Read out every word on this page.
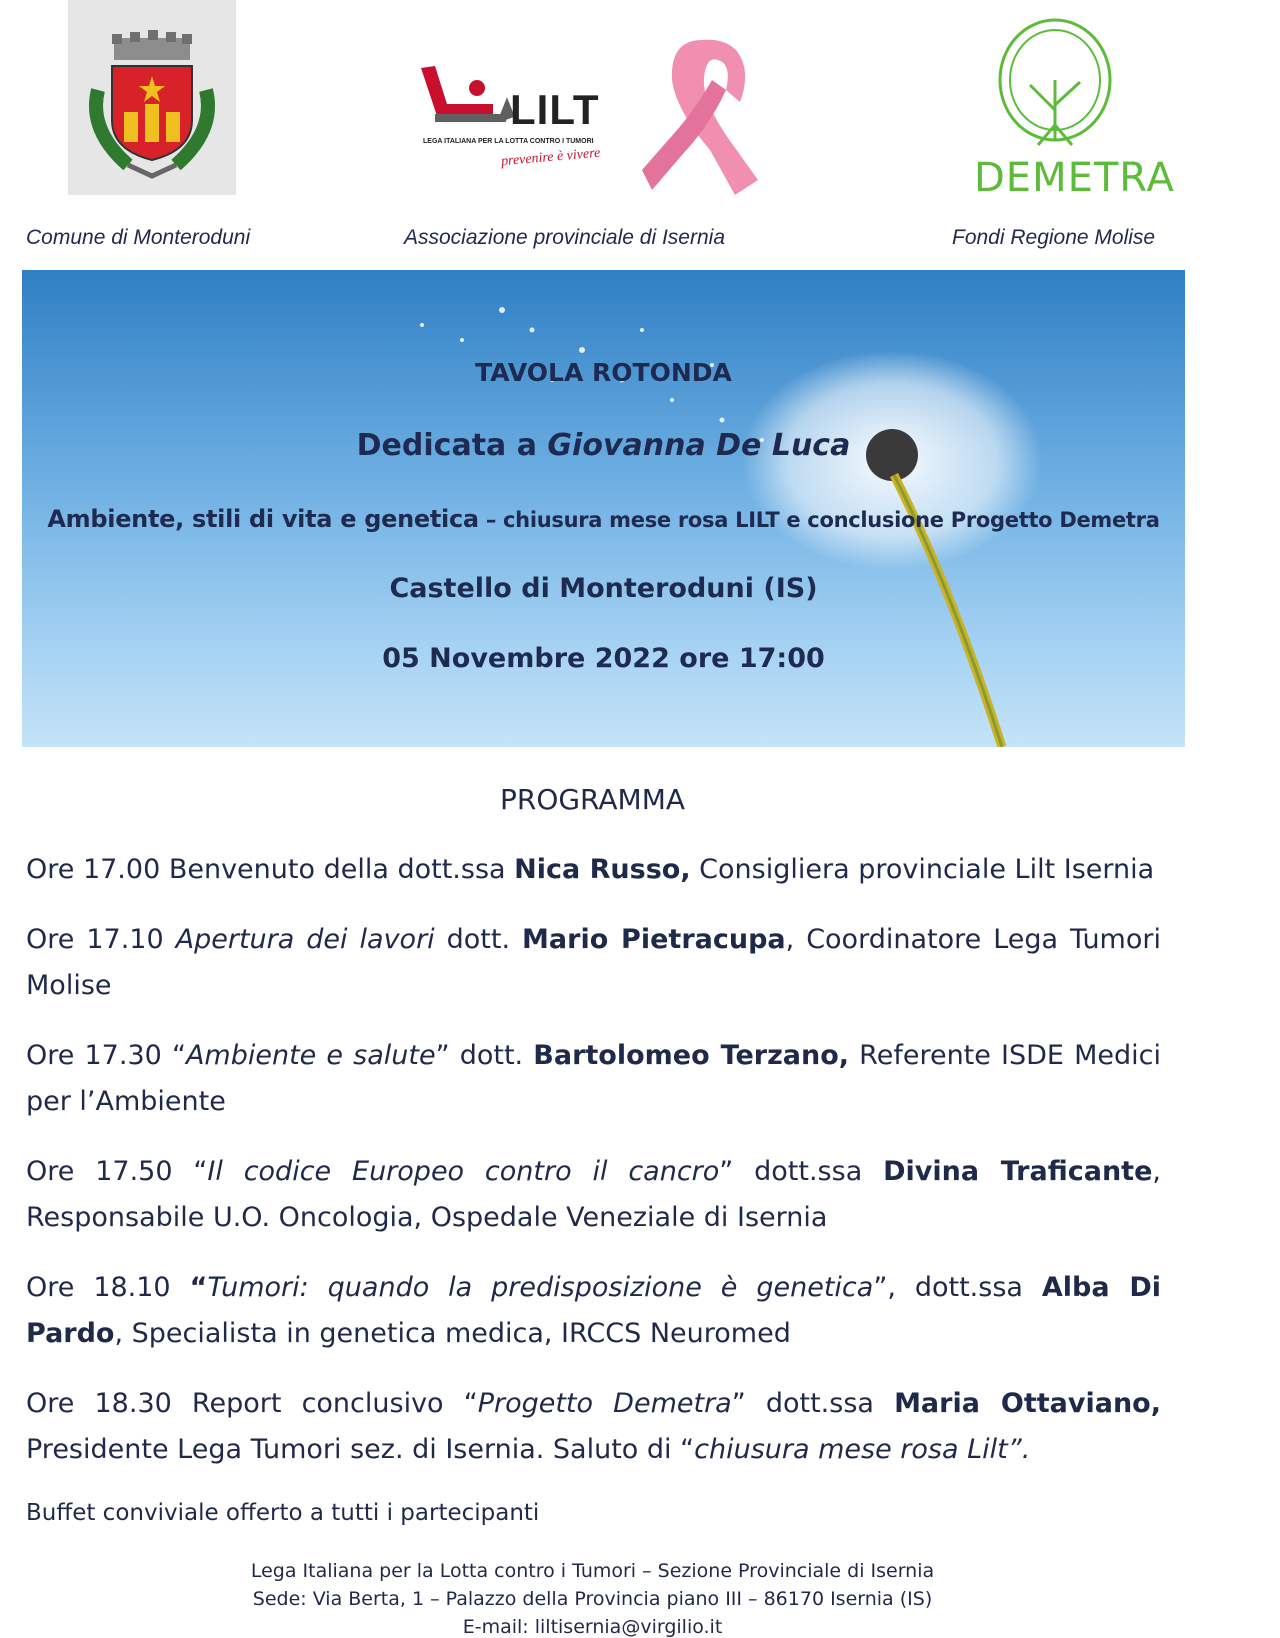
LILT
LEGA ITALIANA PER LA LOTTA CONTRO I TUMORI
prevenire è vivere	DEMETRA
Comune di Monteroduni	Associazione provinciale di Isernia	Fondi Regione Molise
TAVOLA ROTONDA
Dedicata a Giovanna De Luca
Ambiente, stili di vita e genetica – chiusura mese rosa LILT e conclusione Progetto Demetra
Castello di Monteroduni (IS)
05 Novembre 2022 ore 17:00
PROGRAMMA
Ore 17.00 Benvenuto della dott.ssa Nica Russo, Consigliera provinciale Lilt Isernia
Ore 17.10 Apertura dei lavori dott. Mario Pietracupa, Coordinatore Lega Tumori Molise
Ore 17.30 “Ambiente e salute” dott. Bartolomeo Terzano, Referente ISDE Medici per l’Ambiente
Ore 17.50 “Il codice Europeo contro il cancro” dott.ssa Divina Traficante, Responsabile U.O. Oncologia, Ospedale Veneziale di Isernia
Ore 18.10 “Tumori: quando la predisposizione è genetica”, dott.ssa Alba Di Pardo, Specialista in genetica medica, IRCCS Neuromed
Ore 18.30 Report conclusivo “Progetto Demetra” dott.ssa Maria Ottaviano, Presidente Lega Tumori sez. di Isernia. Saluto di “chiusura mese rosa Lilt”.
Buffet conviviale offerto a tutti i partecipanti
Lega Italiana per la Lotta contro i Tumori – Sezione Provinciale di Isernia
Sede: Via Berta, 1 – Palazzo della Provincia piano III – 86170 Isernia (IS)
E-mail: liltisernia@virgilio.it
